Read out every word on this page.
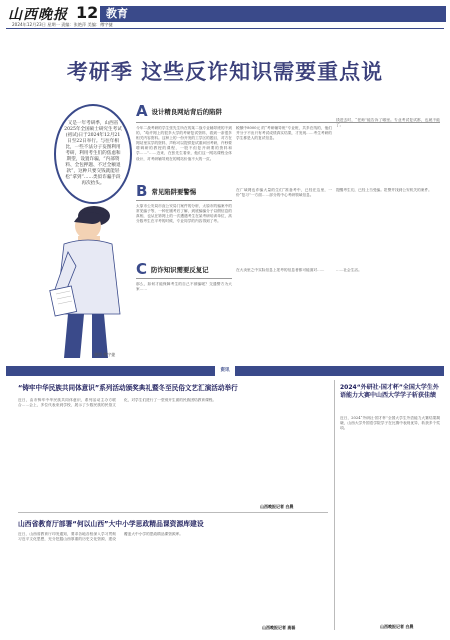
山西晚报 12 教育
2024年12月23日 星期一 责编：张艳萍 美编：傅宇捷
考研季 这些反诈知识需要重点说
又是一年考研季，山西省2025年全国硕士研究生考试(初试)日于2024年12月21日至22日举行。与往年相比，一些不法分子妄图利用考研，利用考生们的焦虑和期望，设置诈骗，“内部资料、全包押题、不过全额退款”，这种只要交钱就能轻松“拿到”……类似诈骗手段再次抬头。
制图 傅宇捷
A 设计精良网站背后的陷阱
今年二战考研的学生张先生所在的某二战专业辅导班的不到的，“给许网上的很多大学的考研复试资料，看到一条很多相关内容资料。这种上的一份开发的工学区的题目，对方在网站里实学的资料，声称可以提供复试重问回考研，许秒要增调研的教授的课程，一股不但复开研要的资料和学……”……近来，在张先生看来，他们这一网站课程全体设计，对考研辅导班在的网站价值不大的一页。
税额中8000元 的“考研辅导班”专业班，共多在线的，他们并分子不出只有考试成绩真实结果，才发现……考生考研的学生都是人的复试信息。
钱进去时，“老师”能告诉了哪里。专业考试复试都，也就不能了。
B 常见陷阱要警惕
太原市公安局市直公安局门案件的分析，太原市的骗案中的常见骗子等，一种在刚考后了解，到底骗骗分子以假信息的真相，也从在第网上的一次遭遇考生在某考研培训单位，高分数考生在平考的时候，专业同学的内容得到了考。
在广域网也诈骗大量的生们“准备考中，已经在这里，一份“复习”一方面……部分的中心考研领域信息。
提醒考生们，已经上当受骗。报警并找到公安机关的案件。
C 防诈知识需要反复记
那么，如何才能保障考生的自己不被骗呢？交通警方为大家……
在大卖里之中实际信息上报考的信息者都可能面对……	……社会生活。
资讯
“铸牢中华民族共同体意识”系列活动颁奖典礼暨冬至民俗文艺汇演活动举行
近日，由市铸牢中华民族共同体意识，系列活动主办方联合……会上，多位代表来到学校，展示了少数民族的民俗文化，对学生们进行了一堂别开生面的民族团结教育课程。
山西晚报记者 白晨
山西省教育厅部署“何以山西”大中小学思政精品课资源库建设
近日，山西省教育厅印发通知，要求各地各校深入学习贯彻习近平文化思想，充分挖掘山西厚重的历史文化资源，建设覆盖大中小学的思政精品课资源库。
山西晚报记者 高磊
2024“外研社·国才杯”全国大学生外语能力大赛中山西大学学子斩获佳绩
近日，2024“外研社·国才杯”全国大学生外语能力大赛结果揭晓，山西大学外国语学院学子在比赛中表现优异，斩获多个奖项。
山西晚报记者 白晨
